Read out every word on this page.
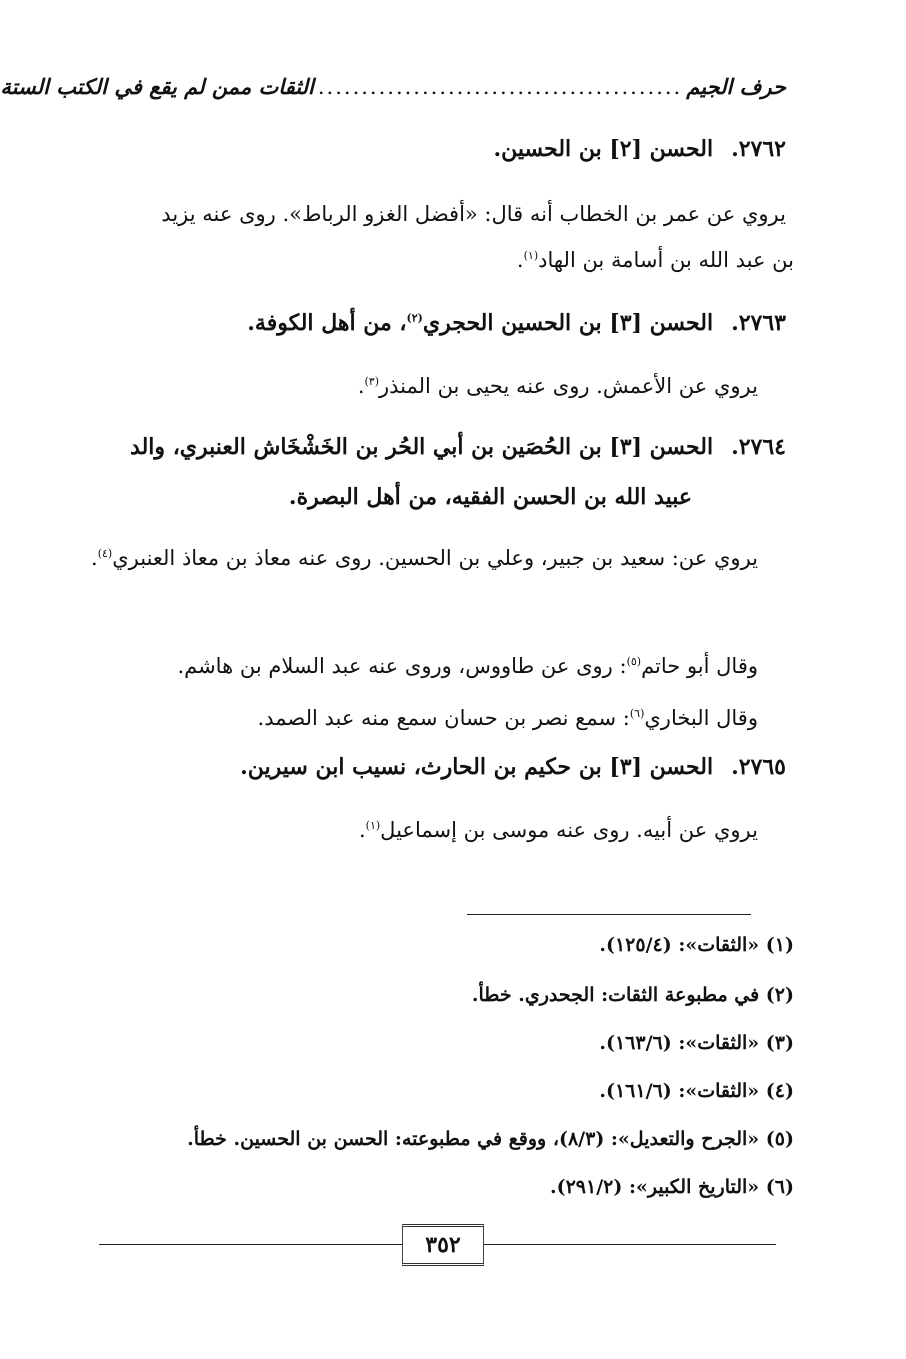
حرف الجيم
..........................................
الثقات ممن لم يقع في الكتب الستة
٢٧٦٢.الحسن [٢] بن الحسين.
يروي عن عمر بن الخطاب أنه قال: «أفضل الغزو الرباط». روى عنه يزيد
بن عبد الله بن أسامة بن الهاد$^{(١)}$.
٢٧٦٣.الحسن [٣] بن الحسين الحجري$^{(٢)}$، من أهل الكوفة.
يروي عن الأعمش. روى عنه يحيى بن المنذر$^{(٣)}$.
٢٧٦٤.الحسن [٣] بن الحُصَين بن أبي الحُر بن الخَشْخَاش العنبري، والد
عبيد الله بن الحسن الفقيه، من أهل البصرة.
يروي عن: سعيد بن جبير، وعلي بن الحسين. روى عنه معاذ بن معاذ العنبري$^{(٤)}$.
وقال أبو حاتم$^{(٥)}$: روى عن طاووس، وروى عنه عبد السلام بن هاشم.
وقال البخاري$^{(٦)}$: سمع نصر بن حسان سمع منه عبد الصمد.
٢٧٦٥.الحسن [٣] بن حكيم بن الحارث، نسيب ابن سيرين.
يروي عن أبيه. روى عنه موسى بن إسماعيل$^{(١)}$.
(١) «الثقات»: (١٢٥/٤).
(٢) في مطبوعة الثقات: الجحدري. خطأ.
(٣) «الثقات»: (١٦٣/٦).
(٤) «الثقات»: (١٦١/٦).
(٥) «الجرح والتعديل»: (٨/٣)، ووقع في مطبوعته: الحسن بن الحسين. خطأ.
(٦) «التاريخ الكبير»: (٢٩١/٢).
٣٥٢
